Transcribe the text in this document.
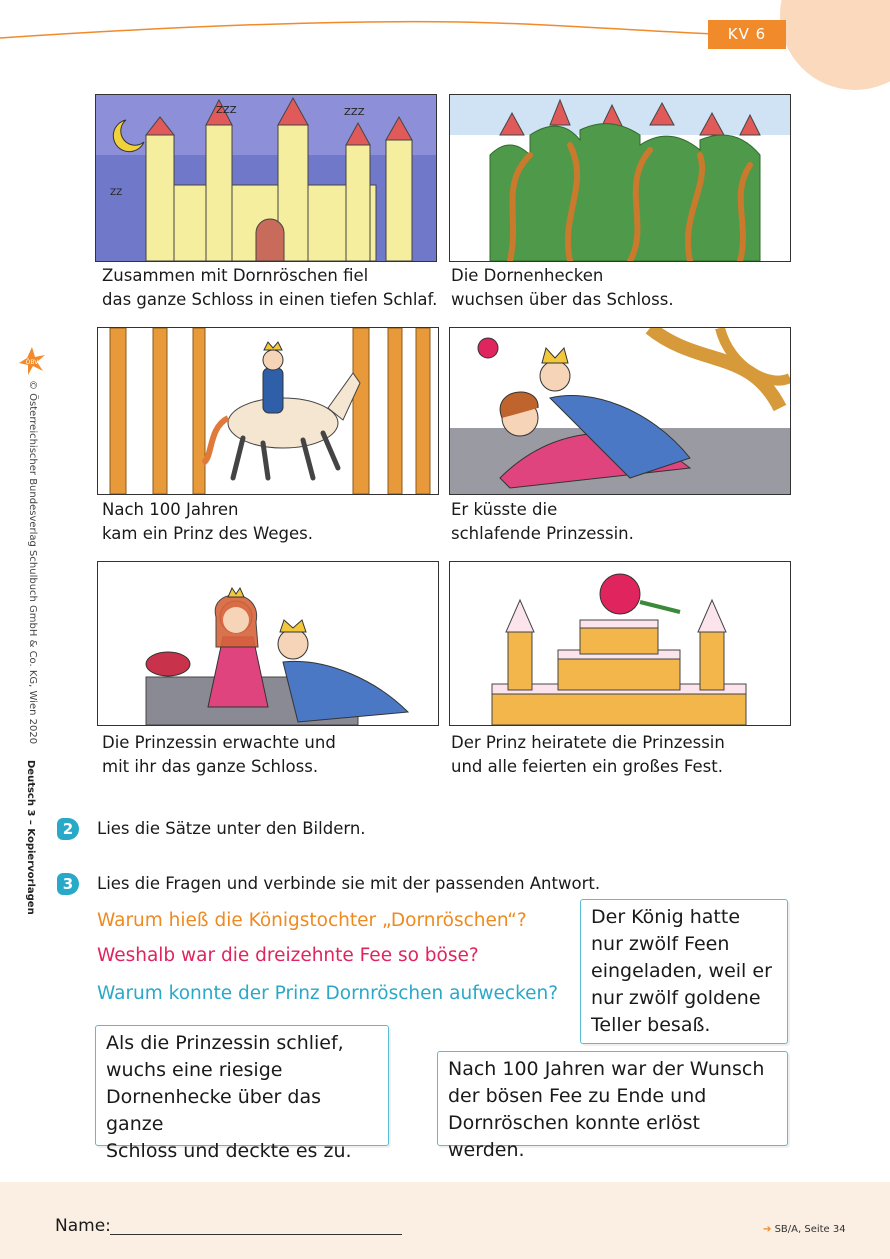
KV 6
ÖBV
© Österreichischer Bundesverlag Schulbuch GmbH & Co. KG, Wien 2020
Deutsch 3 – Kopiervorlagen
ZZZ	ZZZ
ZZ
Zusammen mit Dornröschen fiel
das ganze Schloss in einen tiefen Schlaf.
Die Dornenhecken
wuchsen über das Schloss.
Nach 100 Jahren
kam ein Prinz des Weges.
Er küsste die
schlafende Prinzessin.
Die Prinzessin erwachte und
mit ihr das ganze Schloss.
Der Prinz heiratete die Prinzessin
und alle feierten ein großes Fest.
2	Lies die Sätze unter den Bildern.
3	Lies die Fragen und verbinde sie mit der passenden Antwort.
Warum hieß die Königstochter „Dornröschen“?
Weshalb war die dreizehnte Fee so böse?
Warum konnte der Prinz Dornröschen aufwecken?
Der König hatte
nur zwölf Feen
eingeladen, weil er
nur zwölf goldene
Teller besaß.
Als die Prinzessin schlief,
wuchs eine riesige
Dornenhecke über das ganze
Schloss und deckte es zu.
Nach 100 Jahren war der Wunsch
der bösen Fee zu Ende und
Dornröschen konnte erlöst werden.
Name:	➔ SB/A, Seite 34
